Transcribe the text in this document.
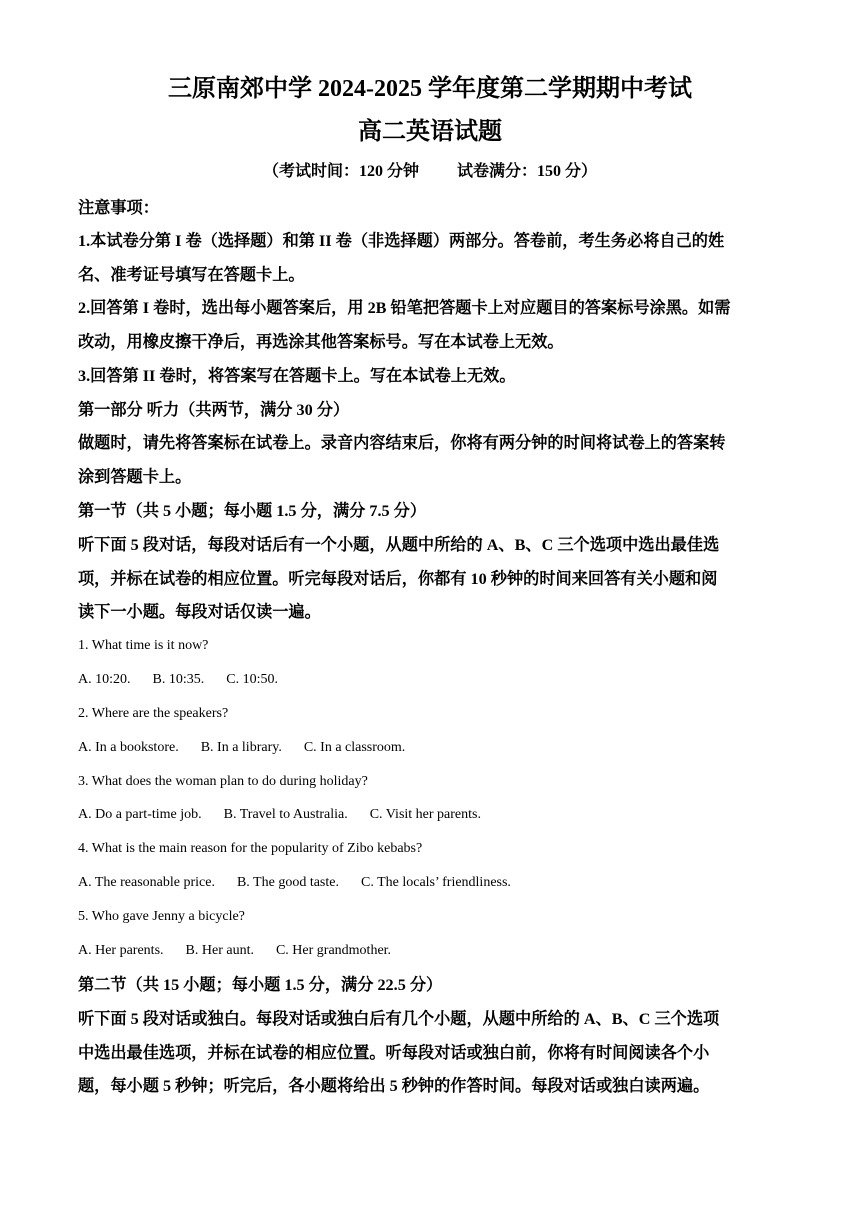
三原南郊中学 2024-2025 学年度第二学期期中考试
高二英语试题
（考试时间：120 分钟 试卷满分：150 分）
注意事项：
1.本试卷分第 I 卷（选择题）和第 II 卷（非选择题）两部分。答卷前，考生务必将自己的姓
名、准考证号填写在答题卡上。
2.回答第 I 卷时，选出每小题答案后，用 2B 铅笔把答题卡上对应题目的答案标号涂黑。如需
改动，用橡皮擦干净后，再选涂其他答案标号。写在本试卷上无效。
3.回答第 II 卷时，将答案写在答题卡上。写在本试卷上无效。
第一部分 听力（共两节，满分 30 分）
做题时，请先将答案标在试卷上。录音内容结束后，你将有两分钟的时间将试卷上的答案转
涂到答题卡上。
第一节（共 5 小题；每小题 1.5 分，满分 7.5 分）
听下面 5 段对话，每段对话后有一个小题，从题中所给的 A、B、C 三个选项中选出最佳选
项，并标在试卷的相应位置。听完每段对话后，你都有 10 秒钟的时间来回答有关小题和阅
读下一小题。每段对话仅读一遍。
1. What time is it now?
A. 10:20. B. 10:35. C. 10:50.
2. Where are the speakers?
A. In a bookstore. B. In a library. C. In a classroom.
3. What does the woman plan to do during holiday?
A. Do a part-time job. B. Travel to Australia. C. Visit her parents.
4. What is the main reason for the popularity of Zibo kebabs?
A. The reasonable price. B. The good taste. C. The locals’ friendliness.
5. Who gave Jenny a bicycle?
A. Her parents. B. Her aunt. C. Her grandmother.
第二节（共 15 小题；每小题 1.5 分，满分 22.5 分）
听下面 5 段对话或独白。每段对话或独白后有几个小题，从题中所给的 A、B、C 三个选项
中选出最佳选项，并标在试卷的相应位置。听每段对话或独白前，你将有时间阅读各个小
题，每小题 5 秒钟；听完后，各小题将给出 5 秒钟的作答时间。每段对话或独白读两遍。
